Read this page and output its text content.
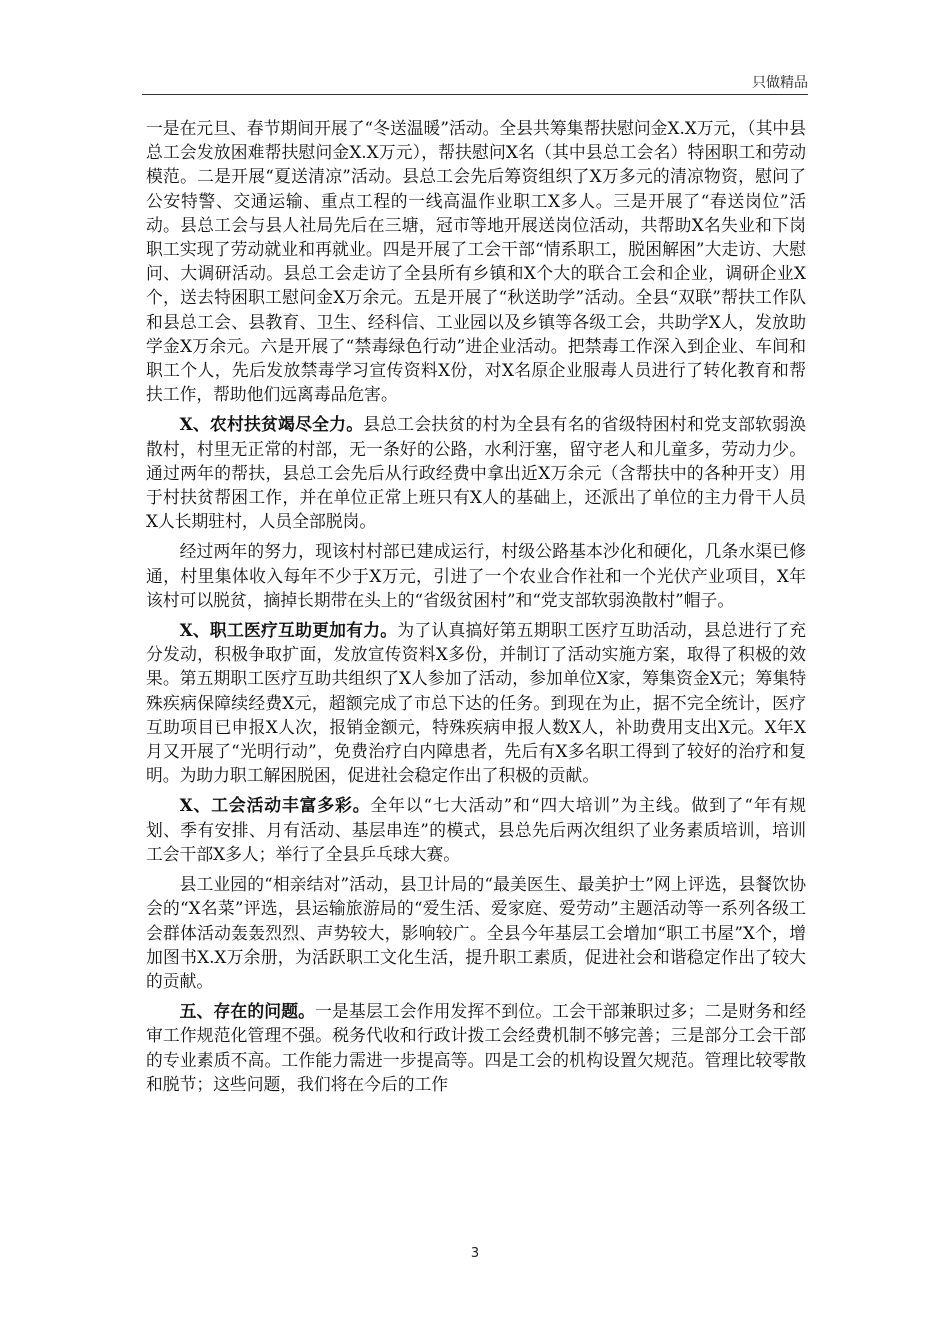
只做精品

一是在元旦、春节期间开展了“冬送温暖”活动。全县共筹集帮扶慰问金X.X万元，（其中县总工会发放困难帮扶慰问金X.X万元），帮扶慰问X名（其中县总工会名）特困职工和劳动模范。二是开展“夏送清凉”活动。县总工会先后筹资组织了X万多元的清凉物资，慰问了公安特警、交通运输、重点工程的一线高温作业职工X多人。三是开展了“春送岗位”活动。县总工会与县人社局先后在三塘，冠市等地开展送岗位活动，共帮助X名失业和下岗职工实现了劳动就业和再就业。四是开展了工会干部“情系职工，脱困解困”大走访、大慰问、大调研活动。县总工会走访了全县所有乡镇和X个大的联合工会和企业，调研企业X个，送去特困职工慰问金X万余元。五是开展了“秋送助学”活动。全县“双联”帮扶工作队和县总工会、县教育、卫生、经科信、工业园以及乡镇等各级工会，共助学X人，发放助学金X万余元。六是开展了“禁毒绿色行动”进企业活动。把禁毒工作深入到企业、车间和职工个人，先后发放禁毒学习宣传资料X份，对X名原企业服毒人员进行了转化教育和帮扶工作，帮助他们远离毒品危害。

X、农村扶贫竭尽全力。县总工会扶贫的村为全县有名的省级特困村和党支部软弱涣散村，村里无正常的村部，无一条好的公路，水利汙塞，留守老人和儿童多，劳动力少。通过两年的帮扶，县总工会先后从行政经费中拿出近X万余元（含帮扶中的各种开支）用于村扶贫帮困工作，并在单位正常上班只有X人的基础上，还派出了单位的主力骨干人员X人长期驻村，人员全部脱岗。

经过两年的努力，现该村村部已建成运行，村级公路基本沙化和硬化，几条水渠已修通，村里集体收入每年不少于X万元，引进了一个农业合作社和一个光伏产业项目，X年该村可以脱贫，摘掉长期带在头上的“省级贫困村”和“党支部软弱涣散村”帽子。

X、职工医疗互助更加有力。为了认真搞好第五期职工医疗互助活动，县总进行了充分发动，积极争取扩面，发放宣传资料X多份，并制订了活动实施方案，取得了积极的效果。第五期职工医疗互助共组织了X人参加了活动，参加单位X家，筹集资金X元；筹集特殊疾病保障续经费X元，超额完成了市总下达的任务。到现在为止，据不完全统计，医疗互助项目已申报X人次，报销金额元，特殊疾病申报人数X人，补助费用支出X元。X年X月又开展了“光明行动”，免费治疗白内障患者，先后有X多名职工得到了较好的治疗和复明。为助力职工解困脱困，促进社会稳定作出了积极的贡献。

X、工会活动丰富多彩。全年以“七大活动”和“四大培训”为主线。做到了“年有规划、季有安排、月有活动、基层串连”的模式，县总先后两次组织了业务素质培训，培训工会干部X多人；举行了全县乒乓球大赛。

县工业园的“相亲结对”活动，县卫计局的“最美医生、最美护士”网上评选，县餐饮协会的“X名菜”评选，县运输旅游局的“爱生活、爱家庭、爱劳动”主题活动等一系列各级工会群体活动轰轰烈烈、声势较大，影响较广。全县今年基层工会增加“职工书屋”X个，增加图书X.X万余册，为活跃职工文化生活，提升职工素质，促进社会和谐稳定作出了较大的贡献。

五、存在的问题。一是基层工会作用发挥不到位。工会干部兼职过多；二是财务和经审工作规范化管理不强。税务代收和行政计拨工会经费机制不够完善；三是部分工会干部的专业素质不高。工作能力需进一步提高等。四是工会的机构设置欠规范。管理比较零散和脱节；这些问题，我们将在今后的工作

3
